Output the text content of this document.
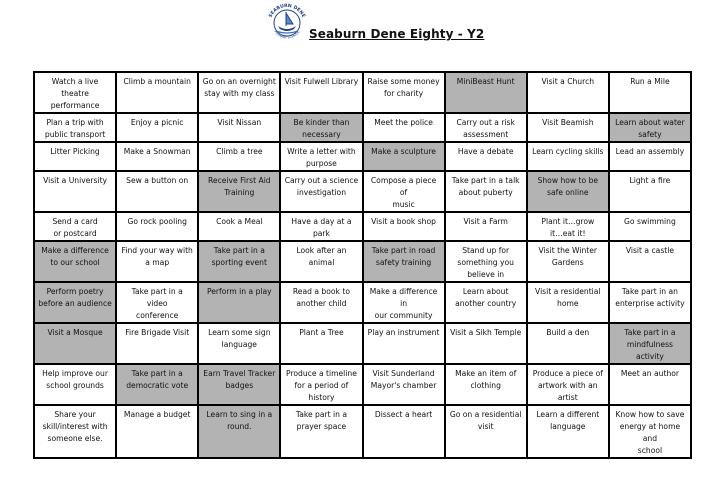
SEABURN DENE
PRIMARY SCHOOL Seaburn Dene Eighty - Y2
Watch a live
theatre
performance	Climb a mountain	Go on an overnight
stay with my class	Visit Fulwell Library	Raise some money
for charity	MiniBeast Hunt	Visit a Church	Run a Mile

Plan a trip with
public transport	Enjoy a picnic	Visit Nissan	Be kinder than
necessary	Meet the police	Carry out a risk
assessment	Visit Beamish	Learn about water
safety

Litter Picking	Make a Snowman	Climb a tree	Write a letter with
purpose	Make a sculpture	Have a debate	Learn cycling skills	Lead an assembly

Visit a University	Sew a button on	Receive First Aid
Training	Carry out a science
investigation	Compose a piece of
music	Take part in a talk
about puberty	Show how to be
safe online	Light a fire

Send a card
or postcard	Go rock pooling	Cook a Meal	Have a day at a park	Visit a book shop	Visit a Farm	Plant it…grow
it…eat it!	Go swimming

Make a difference
to our school	Find your way with
a map	Take part in a
sporting event	Look after an
animal	Take part in road
safety training	Stand up for
something you
believe in	Visit the Winter
Gardens	Visit a castle

Perform poetry
before an audience	Take part in a video
conference	Perform in a play	Read a book to
another child	Make a difference in
our community	Learn about
another country	Visit a residential
home	Take part in an
enterprise activity

Visit a Mosque	Fire Brigade Visit	Learn some sign
language	Plant a Tree	Play an instrument	Visit a Sikh Temple	Build a den	Take part in a
mindfulness activity

Help improve our
school grounds	Take part in a
democratic vote	Earn Travel Tracker
badges	Produce a timeline
for a period of
history	Visit Sunderland
Mayor's chamber	Make an item of
clothing	Produce a piece of
artwork with an
artist	Meet an author

Share your
skill/interest with
someone else.	Manage a budget	Learn to sing in a
round.	Take part in a
prayer space	Dissect a heart	Go on a residential
visit	Learn a different
language	Know how to save
energy at home and
school
